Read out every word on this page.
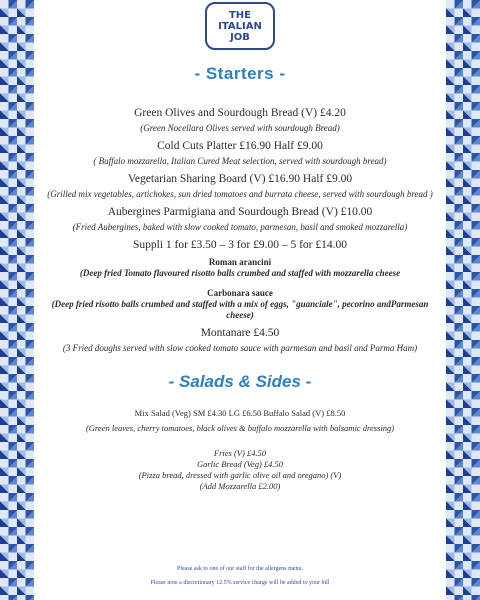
THE
ITALIAN
JOB
- Starters -

Green Olives and Sourdough Bread (V) £4.20

(Green Nocellara Olives served with sourdough Bread)

Cold Cuts Platter £16.90 Half £9.00

( Buffalo mozzarella, Italian Cured Meat selection, served with sourdough bread)

Vegetarian Sharing Board (V) £16.90 Half £9.00

(Grilled mix vegetables, artichokes, sun dried tomatoes and burrata cheese, served with sourdough bread )

Aubergines Parmigiana and Sourdough Bread (V) £10.00

(Fried Aubergines, baked with slow cooked tomato, parmesan, basil and smoked mozzarella)

Suppli 1 for £3.50 – 3 for £9.00 – 5 for £14.00

Roman arancini

(Deep fried Tomato flavoured risotto balls crumbed and staffed with mozzarella cheese

Carbonara sauce

(Deep fried risotto balls crumbed and staffed with a mix of eggs, "guanciale", pecorino andParmesan cheese)

Montanare £4.50

(3 Fried doughs served with slow cooked tomato sauce with parmesan and basil and Parma Ham)

- Salads & Sides -

Mix Salad (Veg) SM £4.30 LG £6.50 Buffalo Salad (V) £8.50

(Green leaves, cherry tomatoes, black olives & buffalo mozzarella with balsamic dressing)

Fries (V) £4.50

Garlic Bread (Veg) £4.50

(Pizza bread, dressed with garlic olive oil and oregano) (V)

(Add Mozzarella £2.00)

Please ask to one of our staff for the allergens menu.

Please note a discretionary 12.5% service charge will be added to your bill
